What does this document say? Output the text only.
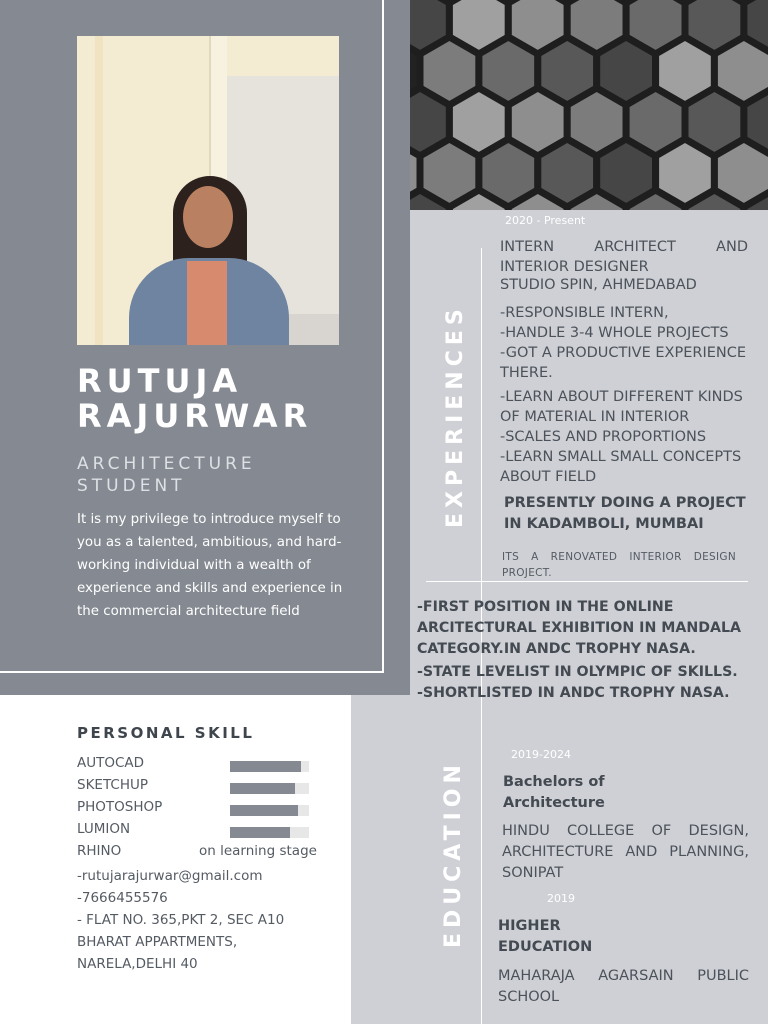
RUTUJA
RAJURWAR
ARCHITECTURE
STUDENT
It is my privilege to introduce myself to you as a talented, ambitious, and hard-working individual with a wealth of experience and skills and experience in the commercial architecture field
EXPERIENCES
2020 - Present
INTERN ARCHITECT AND INTERIOR DESIGNER
STUDIO SPIN, AHMEDABAD
-RESPONSIBLE INTERN,
-HANDLE 3-4 WHOLE PROJECTS
-GOT A PRODUCTIVE EXPERIENCE THERE.
-LEARN ABOUT DIFFERENT KINDS OF MATERIAL IN INTERIOR
-SCALES AND PROPORTIONS
-LEARN SMALL SMALL CONCEPTS ABOUT FIELD
PRESENTLY DOING A PROJECT IN KADAMBOLI, MUMBAI
ITS A RENOVATED INTERIOR DESIGN PROJECT.
-FIRST POSITION IN THE ONLINE
ARCITECTURAL EXHIBITION IN MANDALA
CATEGORY.IN ANDC TROPHY NASA.
-STATE LEVELIST IN OLYMPIC OF SKILLS.
-SHORTLISTED IN ANDC TROPHY NASA.
EDUCATION
2019-2024
Bachelors of
Architecture
HINDU COLLEGE OF DESIGN, ARCHITECTURE AND PLANNING, SONIPAT
2019
HIGHER
EDUCATION
MAHARAJA AGARSAIN PUBLIC SCHOOL
PERSONAL SKILL
AUTOCAD
SKETCHUP
PHOTOSHOP
LUMION
RHINO	on learning stage
-rutujarajurwar@gmail.com
-7666455576
- FLAT NO. 365,PKT 2, SEC A10
BHARAT APPARTMENTS,
NARELA,DELHI 40
